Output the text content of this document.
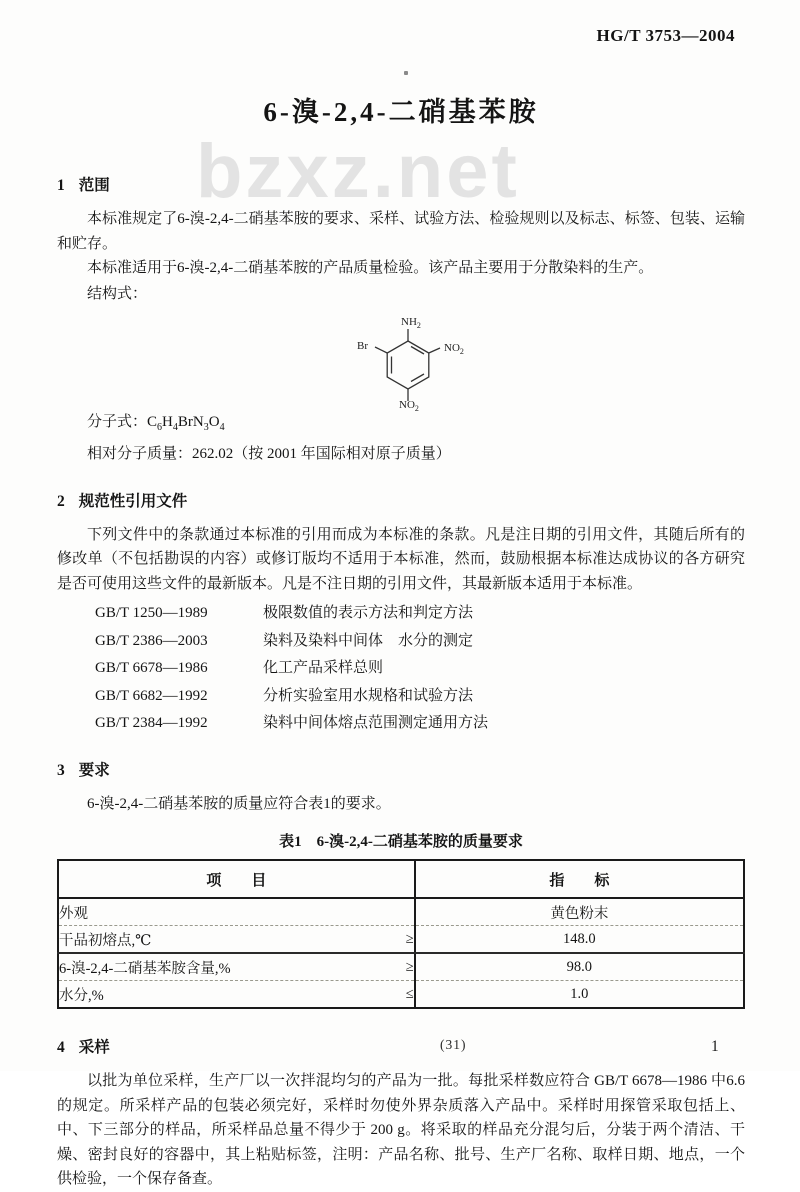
bzxz.net
HG/T 3753—2004
6-溴-2,4-二硝基苯胺
1 范围

本标准规定了6-溴-2,4-二硝基苯胺的要求、采样、试验方法、检验规则以及标志、标签、包装、运输和贮存。

本标准适用于6-溴-2,4-二硝基苯胺的产品质量检验。该产品主要用于分散染料的生产。

结构式：
$NH_2$
Br	$NO_2$
$NO_2$
分子式：$C_6H_4BrN_3O_4$
相对分子质量：262.02（按 2001 年国际相对原子质量）
2 规范性引用文件

下列文件中的条款通过本标准的引用而成为本标准的条款。凡是注日期的引用文件，其随后所有的修改单（不包括勘误的内容）或修订版均不适用于本标准，然而，鼓励根据本标准达成协议的各方研究是否可使用这些文件的最新版本。凡是不注日期的引用文件，其最新版本适用于本标准。

GB/T 1250—1989	极限数值的表示方法和判定方法
GB/T 2386—2003	染料及染料中间体　水分的测定
GB/T 6678—1986	化工产品采样总则
GB/T 6682—1992	分析实验室用水规格和试验方法
GB/T 2384—1992	染料中间体熔点范围测定通用方法
3 要求

6-溴-2,4-二硝基苯胺的质量应符合表1的要求。

表1　6-溴-2,4-二硝基苯胺的质量要求
项　　目	指　　标

外观	黄色粉末

干品初熔点,℃ ≥	148.0

6-溴-2,4-二硝基苯胺含量,% ≥	98.0

水分,% ≤	1.0
4 采样

以批为单位采样，生产厂以一次拌混均匀的产品为一批。每批采样数应符合 GB/T 6678—1986 中6.6 的规定。所采样产品的包装必须完好，采样时勿使外界杂质落入产品中。采样时用探管采取包括上、中、下三部分的样品，所采样品总量不得少于 200 g。将采取的样品充分混匀后，分装于两个清洁、干燥、密封良好的容器中，其上粘贴标签，注明：产品名称、批号、生产厂名称、取样日期、地点，一个供检验，一个保存备查。

(31)	1
